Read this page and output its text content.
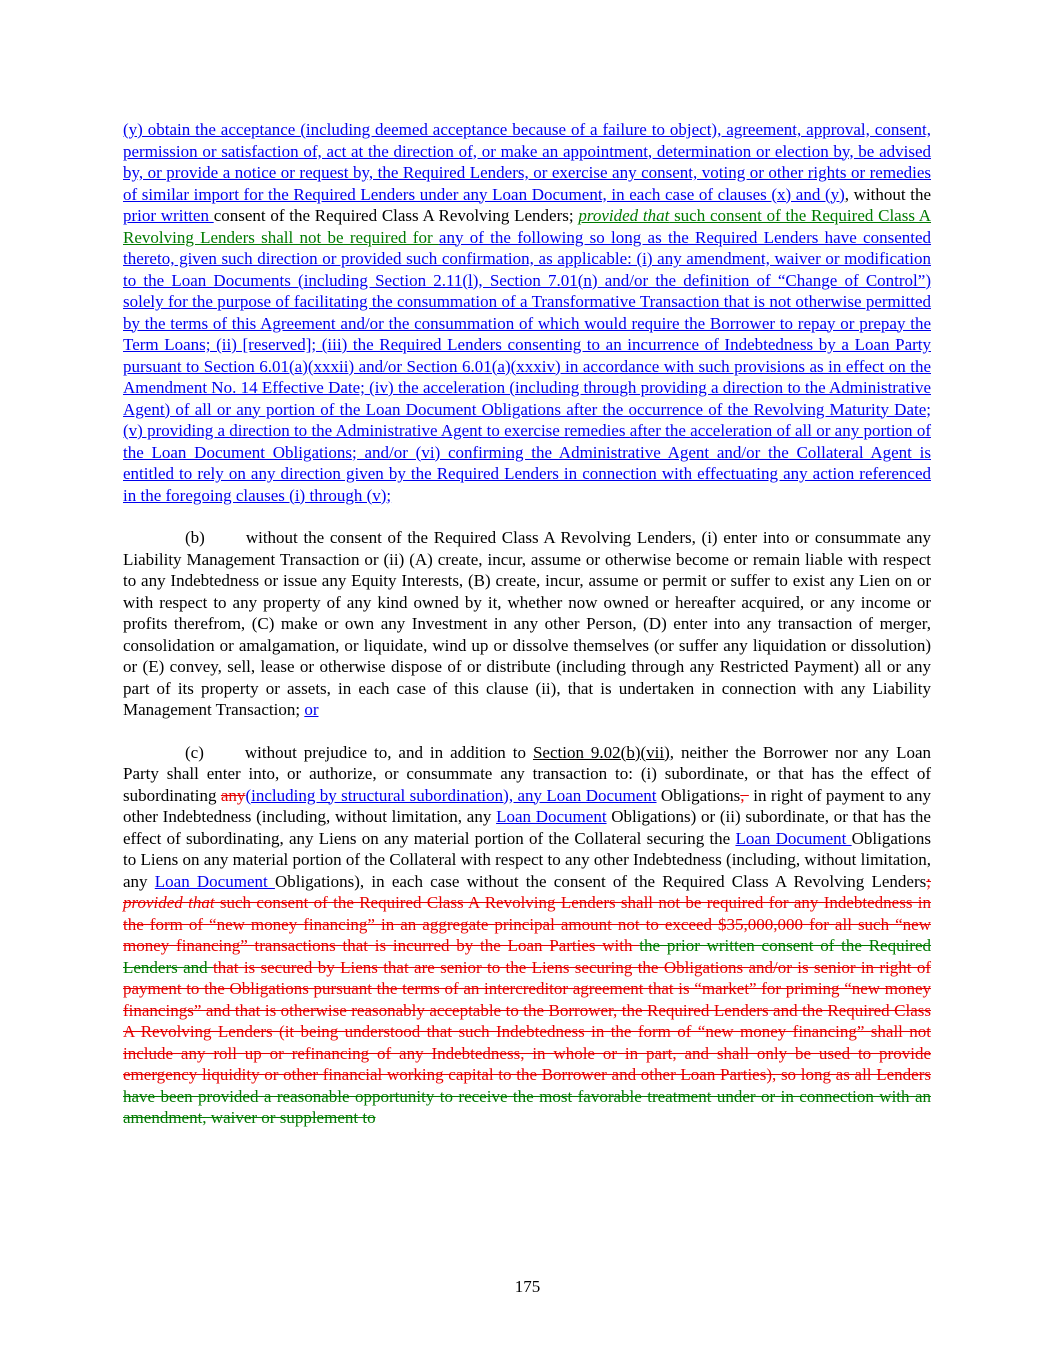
(y) obtain the acceptance (including deemed acceptance because of a failure to object), agreement, approval, consent, permission or satisfaction of, act at the direction of, or make an appointment, determination or election by, be advised by, or provide a notice or request by, the Required Lenders, or exercise any consent, voting or other rights or remedies of similar import for the Required Lenders under any Loan Document, in each case of clauses (x) and (y), without the prior written consent of the Required Class A Revolving Lenders; provided that such consent of the Required Class A Revolving Lenders shall not be required for any of the following so long as the Required Lenders have consented thereto, given such direction or provided such confirmation, as applicable: (i) any amendment, waiver or modification to the Loan Documents (including Section 2.11(l), Section 7.01(n) and/or the definition of “Change of Control”) solely for the purpose of facilitating the consummation of a Transformative Transaction that is not otherwise permitted by the terms of this Agreement and/or the consummation of which would require the Borrower to repay or prepay the Term Loans; (ii) [reserved]; (iii) the Required Lenders consenting to an incurrence of Indebtedness by a Loan Party pursuant to Section 6.01(a)(xxxii) and/or Section 6.01(a)(xxxiv) in accordance with such provisions as in effect on the Amendment No. 14 Effective Date; (iv) the acceleration (including through providing a direction to the Administrative Agent) of all or any portion of the Loan Document Obligations after the occurrence of the Revolving Maturity Date; (v) providing a direction to the Administrative Agent to exercise remedies after the acceleration of all or any portion of the Loan Document Obligations; and/or (vi) confirming the Administrative Agent and/or the Collateral Agent is entitled to rely on any direction given by the Required Lenders in connection with effectuating any action referenced in the foregoing clauses (i) through (v);

(b) without the consent of the Required Class A Revolving Lenders, (i) enter into or consummate any Liability Management Transaction or (ii) (A) create, incur, assume or otherwise become or remain liable with respect to any Indebtedness or issue any Equity Interests, (B) create, incur, assume or permit or suffer to exist any Lien on or with respect to any property of any kind owned by it, whether now owned or hereafter acquired, or any income or profits therefrom, (C) make or own any Investment in any other Person, (D) enter into any transaction of merger, consolidation or amalgamation, or liquidate, wind up or dissolve themselves (or suffer any liquidation or dissolution) or (E) convey, sell, lease or otherwise dispose of or distribute (including through any Restricted Payment) all or any part of its property or assets, in each case of this clause (ii), that is undertaken in connection with any Liability Management Transaction; or

(c) without prejudice to, and in addition to Section 9.02(b)(vii), neither the Borrower nor any Loan Party shall enter into, or authorize, or consummate any transaction to: (i) subordinate, or that has the effect of subordinating any(including by structural subordination), any Loan Document Obligations,  in right of payment to any other Indebtedness (including, without limitation, any Loan Document Obligations) or (ii) subordinate, or that has the effect of subordinating, any Liens on any material portion of the Collateral securing the Loan Document Obligations to Liens on any material portion of the Collateral with respect to any other Indebtedness (including, without limitation, any Loan Document Obligations), in each case without the consent of the Required Class A Revolving Lenders; provided that such consent of the Required Class A Revolving Lenders shall not be required for any Indebtedness in the form of “new money financing” in an aggregate principal amount not to exceed $35,000,000 for all such “new money financing” transactions that is incurred by the Loan Parties with the prior written consent of the Required Lenders and that is secured by Liens that are senior to the Liens securing the Obligations and/or is senior in right of payment to the Obligations pursuant the terms of an intercreditor agreement that is “market” for priming “new money financings” and that is otherwise reasonably acceptable to the Borrower, the Required Lenders and the Required Class A Revolving Lenders (it being understood that such Indebtedness in the form of “new money financing” shall not include any roll up or refinancing of any Indebtedness, in whole or in part, and shall only be used to provide emergency liquidity or other financial working capital to the Borrower and other Loan Parties), so long as all Lenders have been provided a reasonable opportunity to receive the most favorable treatment under or in connection with an amendment, waiver or supplement to

175
